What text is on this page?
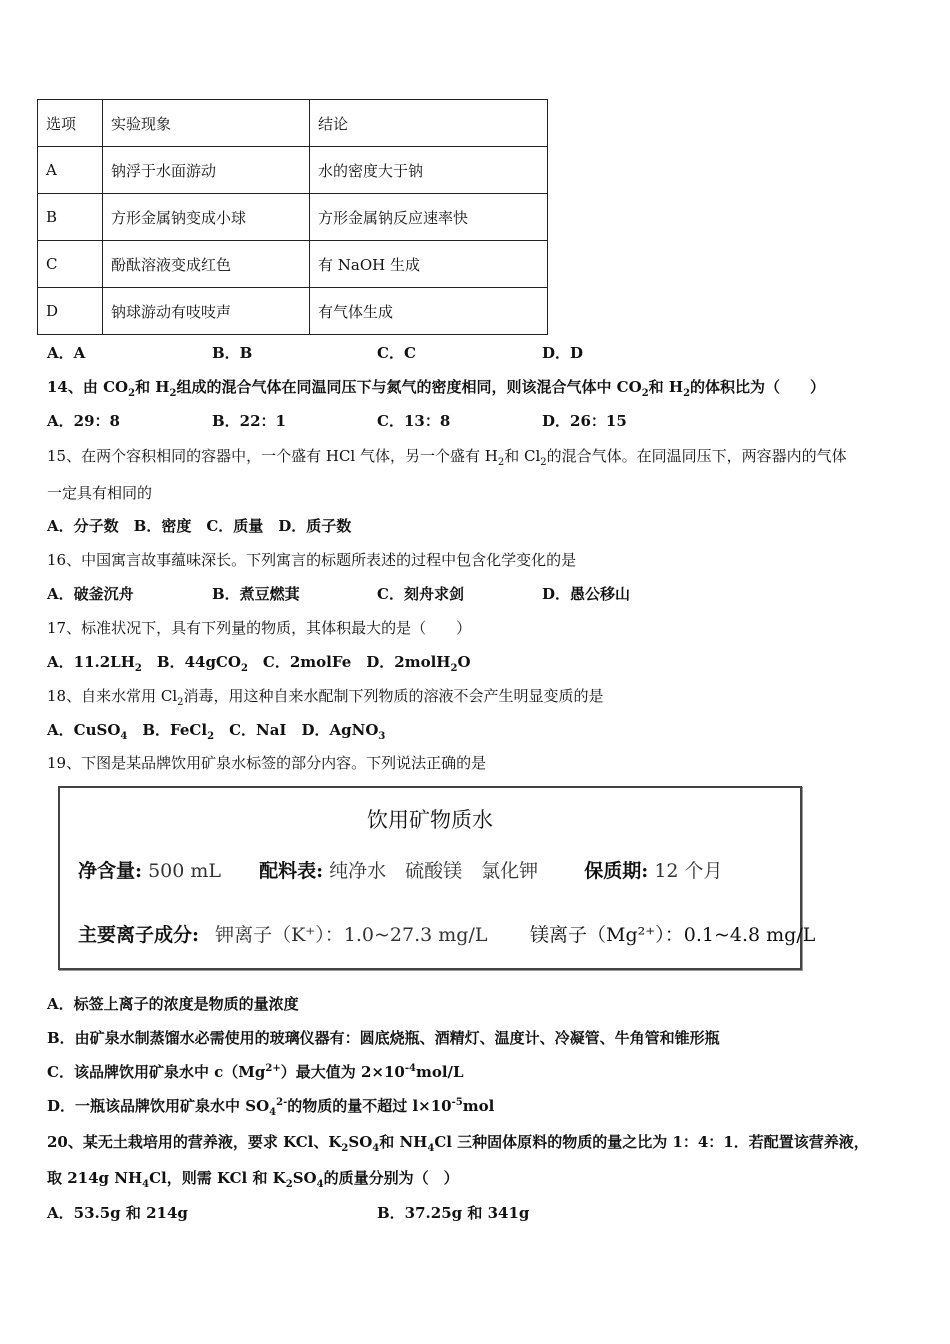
选项	实验现象	结论
A	钠浮于水面游动	水的密度大于钠
B	方形金属钠变成小球	方形金属钠反应速率快
C	酚酞溶液变成红色	有 NaOH 生成
D	钠球游动有吱吱声	有气体生成
A．A	B．B	C．C	D．D
14、由 $CO_2$和 $H_2$组成的混合气体在同温同压下与氮气的密度相同，则该混合气体中 $CO_2$和 $H_2$的体积比为（　　）
A．29：8	B．22：1	C．13：8	D．26：15
15、在两个容积相同的容器中，一个盛有 HCl 气体，另一个盛有 $H_2$和 $Cl_2$的混合气体。在同温同压下，两容器内的气体
一定具有相同的
A．分子数　B．密度　C．质量　D．质子数
16、中国寓言故事蕴味深长。下列寓言的标题所表述的过程中包含化学变化的是
A．破釜沉舟	B．煮豆燃萁	C．刻舟求剑	D．愚公移山
17、标准状况下，具有下列量的物质，其体积最大的是（　　）
A．$11.2LH_2$　 B．44gCO$_2$　 C．2molFe　 D．2molH$_2$O
18、自来水常用 $Cl_2$消毒，用这种自来水配制下列物质的溶液不会产生明显变质的是
A．CuSO$_4$　 B．FeCl$_2$　 C．NaI　 D．AgNO$_3$
19、下图是某品牌饮用矿泉水标签的部分内容。下列说法正确的是
饮用矿物质水
净含量: 500 mL 配料表: 纯净水　硫酸镁　氯化钾 保质期: 12 个月
主要离子成分: 钾离子（K⁺）：1.0~27.3 mg/L 镁离子（Mg²⁺）：0.1~4.8 mg/L
A．标签上离子的浓度是物质的量浓度
B．由矿泉水制蒸馏水必需使用的玻璃仪器有：圆底烧瓶、酒精灯、温度计、冷凝管、牛角管和锥形瓶
C．该品牌饮用矿泉水中 $c(Mg^{2+})$最大值为 $2\times 10^{-4}mol/L$
D．一瓶该品牌饮用矿泉水中 $SO_4^{2-}$的物质的量不超过 $l\times 10^{-5}mol$
20、某无土栽培用的营养液，要求 KCl、$K_2SO_4$和 $NH_4Cl$ 三种固体原料的物质的量之比为 1：4：1．若配置该营养液，
取 214g $NH_4Cl$，则需 KCl 和 $K_2SO_4$的质量分别为（　）
A．53.5g 和 214g	B．37.25g 和 341g
